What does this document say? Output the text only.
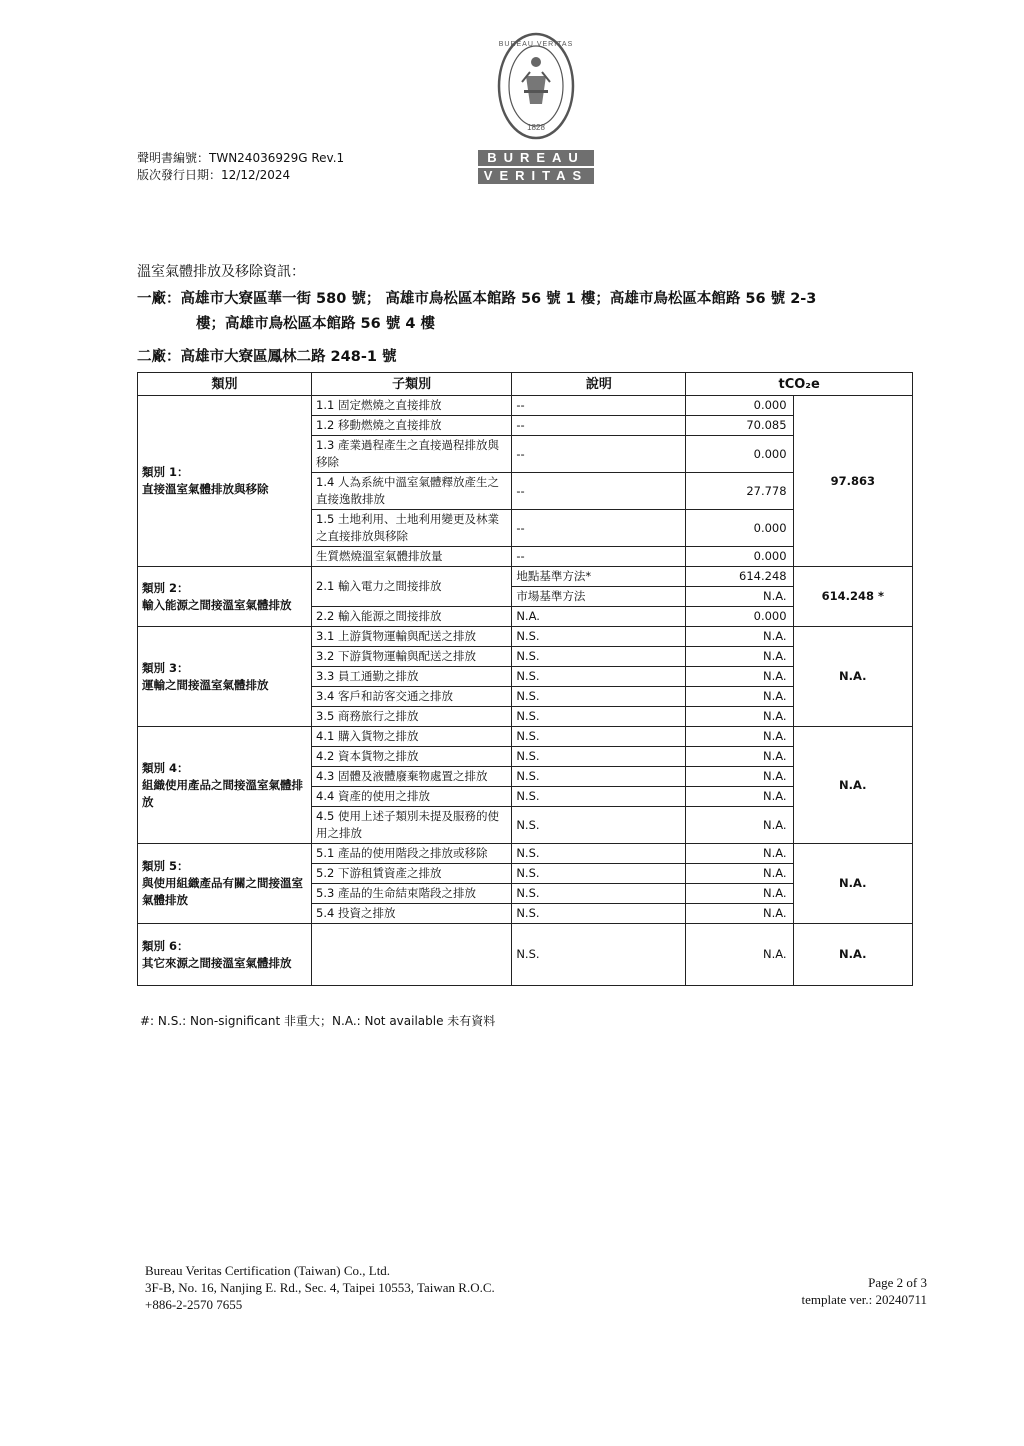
聲明書編號：TWN24036929G Rev.1
版次發行日期：12/12/2024
BUREAU VERITAS
1828
BUREAU
VERITAS
溫室氣體排放及移除資訊：
一廠：高雄市大寮區華一街 580 號； 高雄市鳥松區本館路 56 號 1 樓；高雄市鳥松區本館路 56 號 2-3
樓；高雄市鳥松區本館路 56 號 4 樓
二廠：高雄市大寮區鳳林二路 248-1 號
類別	子類別	說明	tCO₂e	
類別 1：
直接溫室氣體排放與移除	1.1 固定燃燒之直接排放	--	0.000	97.863
	1.2 移動燃燒之直接排放	--	70.085	
	1.3 產業過程產生之直接過程排放與移除	--	0.000	
	1.4 人為系統中溫室氣體釋放產生之直接逸散排放	--	27.778	
	1.5 土地利用、土地利用變更及林業之直接排放與移除	--	0.000	
	生質燃燒溫室氣體排放量	--	0.000	
類別 2：
輸入能源之間接溫室氣體排放	2.1 輸入電力之間接排放	地點基準方法*	614.248	614.248 *
		市場基準方法	N.A.	
	2.2 輸入能源之間接排放	N.A.	0.000	
類別 3：
運輸之間接溫室氣體排放	3.1 上游貨物運輸與配送之排放	N.S.	N.A.	N.A.
	3.2 下游貨物運輸與配送之排放	N.S.	N.A.	
	3.3 員工通勤之排放	N.S.	N.A.	
	3.4 客戶和訪客交通之排放	N.S.	N.A.	
	3.5 商務旅行之排放	N.S.	N.A.	
類別 4：
組織使用產品之間接溫室氣體排放	4.1 購入貨物之排放	N.S.	N.A.	N.A.
	4.2 資本貨物之排放	N.S.	N.A.	
	4.3 固體及液體廢棄物處置之排放	N.S.	N.A.	
	4.4 資產的使用之排放	N.S.	N.A.	
	4.5 使用上述子類別未提及服務的使用之排放	N.S.	N.A.	
類別 5：
與使用組織產品有關之間接溫室氣體排放	5.1 產品的使用階段之排放或移除	N.S.	N.A.	N.A.
	5.2 下游租賃資產之排放	N.S.	N.A.	
	5.3 產品的生命結束階段之排放	N.S.	N.A.	
	5.4 投資之排放	N.S.	N.A.	
類別 6：
其它來源之間接溫室氣體排放		N.S.	N.A.	N.A.
#: N.S.: Non-significant 非重大；N.A.: Not available 未有資料
Bureau Veritas Certification (Taiwan) Co., Ltd.
3F-B, No. 16, Nanjing E. Rd., Sec. 4, Taipei 10553, Taiwan R.O.C.
+886-2-2570 7655
Page 2 of 3
template ver.: 20240711
